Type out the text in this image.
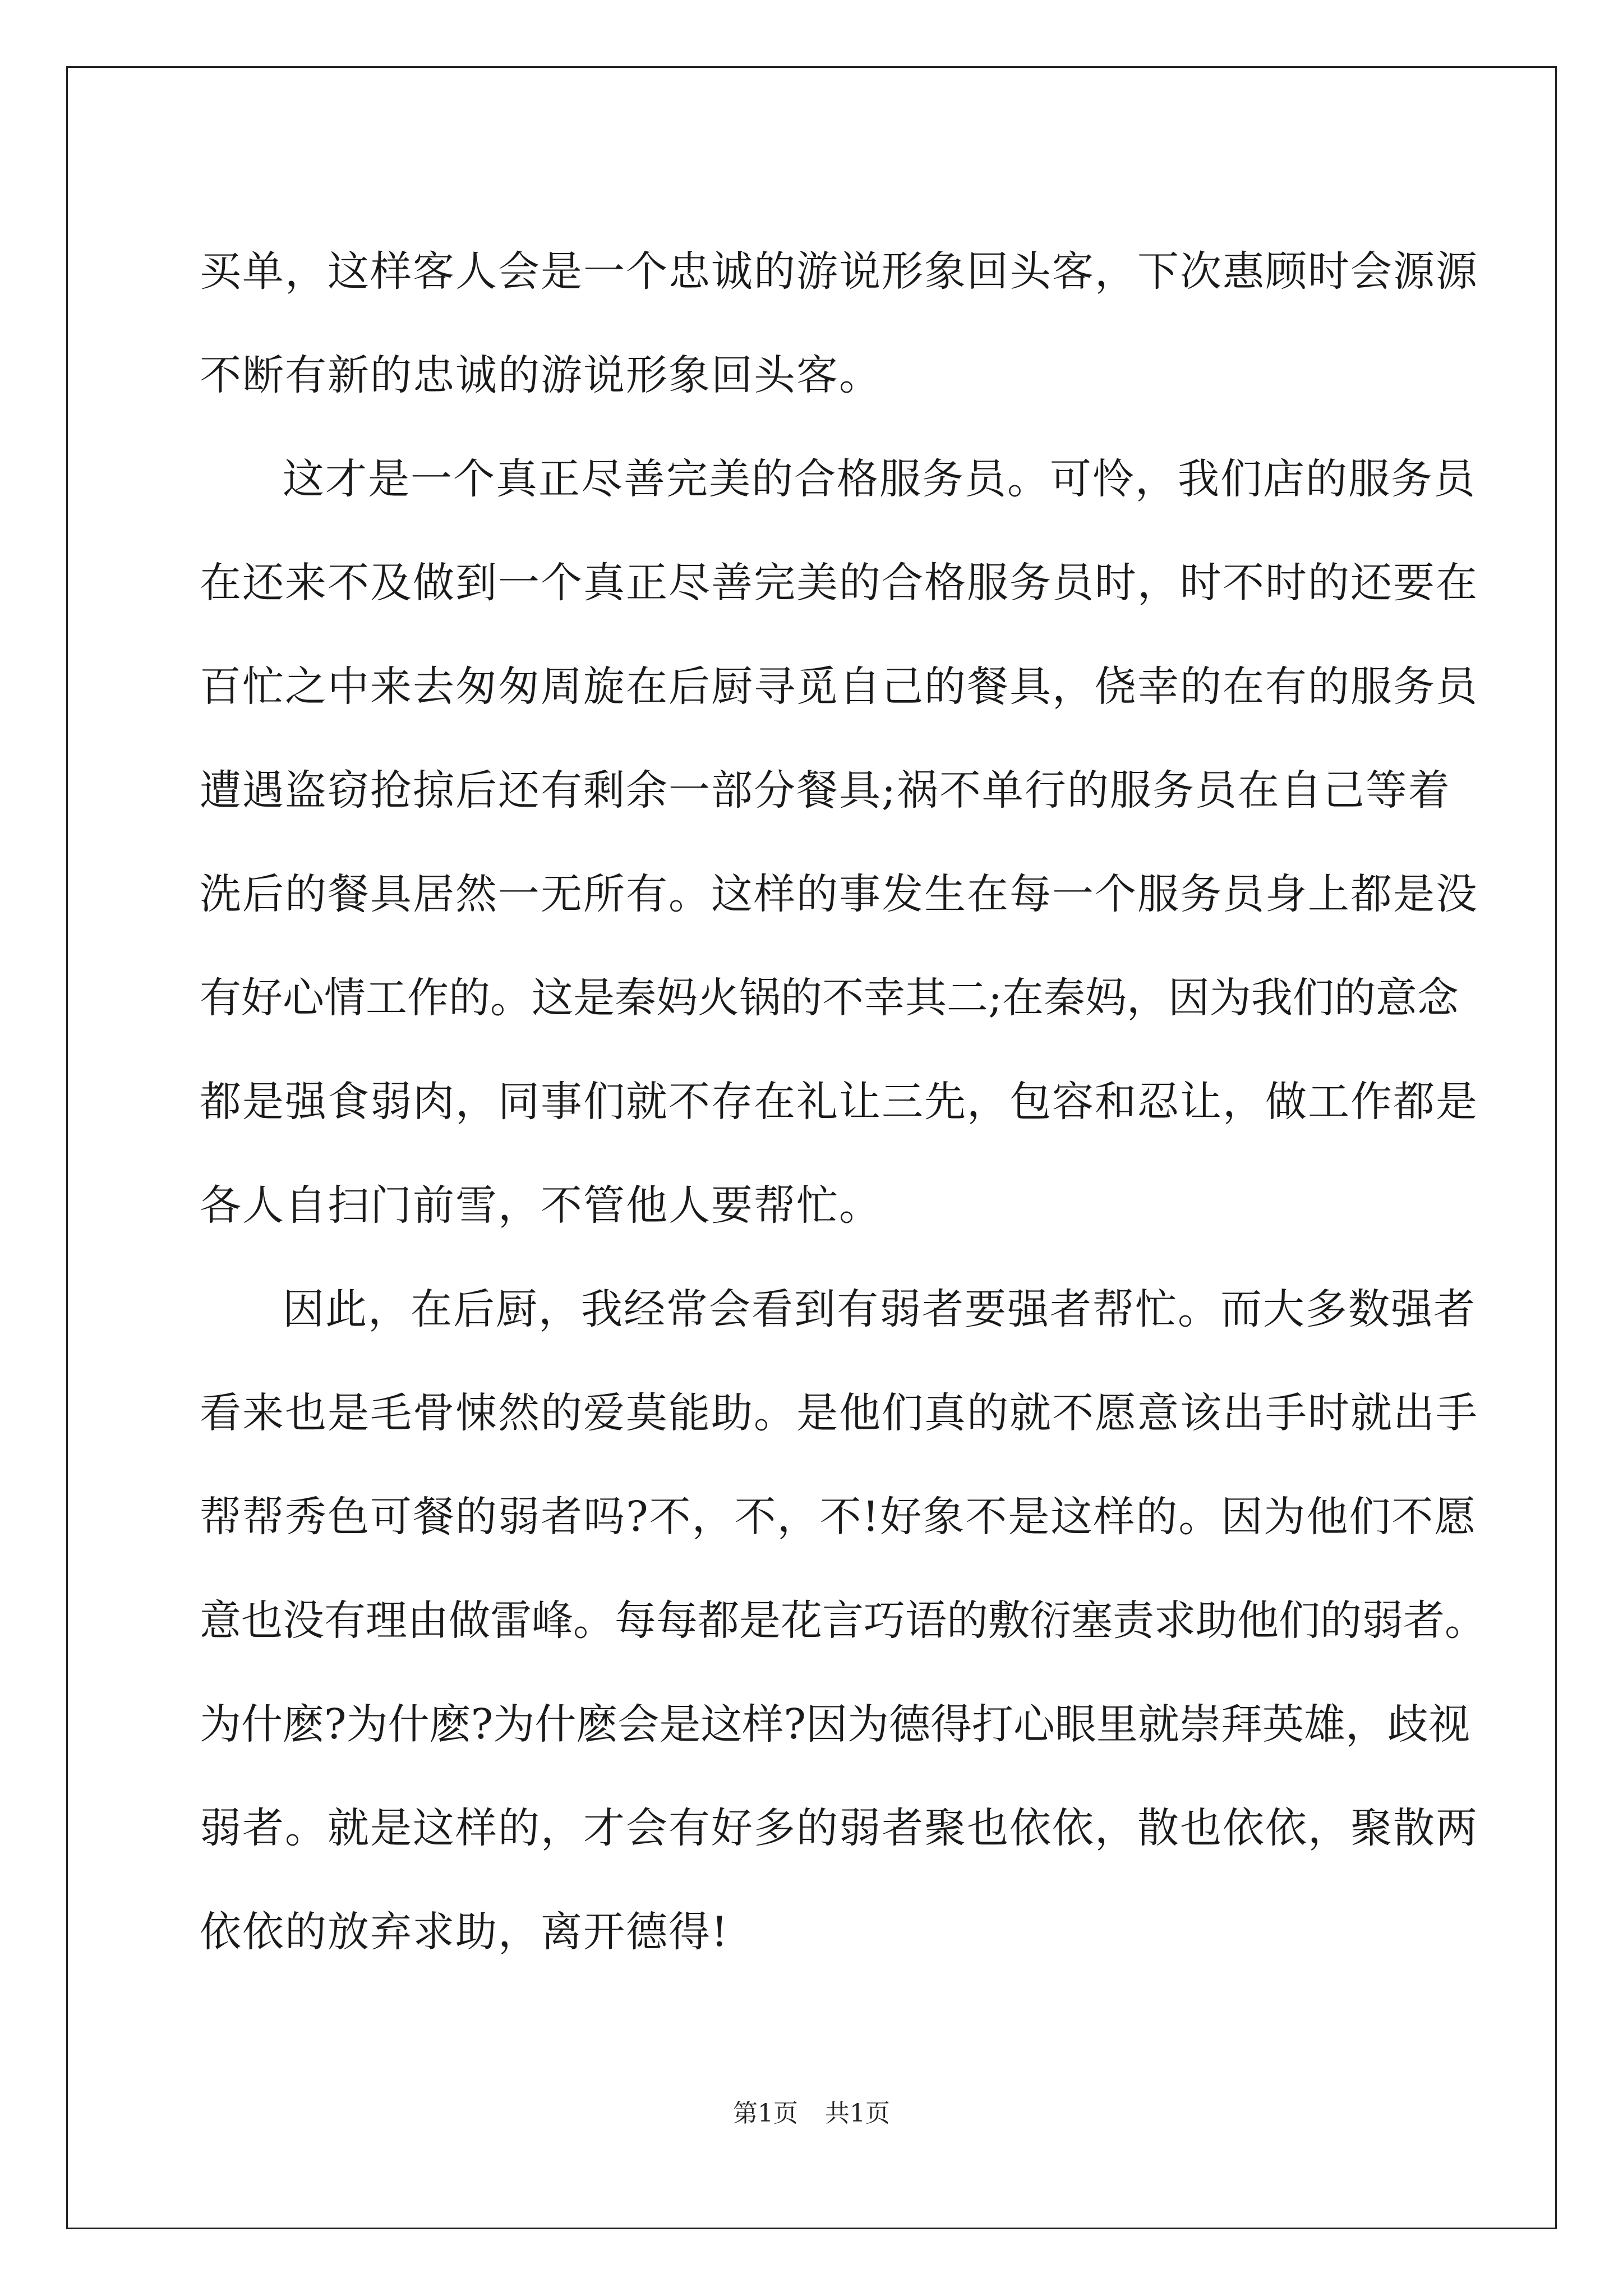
买单，这样客人会是一个忠诚的游说形象回头客，下次惠顾时会源源
不断有新的忠诚的游说形象回头客。
这才是一个真正尽善完美的合格服务员。可怜，我们店的服务员
在还来不及做到一个真正尽善完美的合格服务员时，时不时的还要在
百忙之中来去匆匆周旋在后厨寻觅自己的餐具，侥幸的在有的服务员
遭遇盗窃抢掠后还有剩余一部分餐具;祸不单行的服务员在自己等着
洗后的餐具居然一无所有。这样的事发生在每一个服务员身上都是没
有好心情工作的。这是秦妈火锅的不幸其二;在秦妈，因为我们的意念
都是强食弱肉，同事们就不存在礼让三先，包容和忍让，做工作都是
各人自扫门前雪，不管他人要帮忙。
因此，在后厨，我经常会看到有弱者要强者帮忙。而大多数强者
看来也是毛骨悚然的爱莫能助。是他们真的就不愿意该出手时就出手
帮帮秀色可餐的弱者吗?不，不，不!好象不是这样的。因为他们不愿
意也没有理由做雷峰。每每都是花言巧语的敷衍塞责求助他们的弱者。
为什麽?为什麽?为什麽会是这样?因为德得打心眼里就崇拜英雄，歧视
弱者。就是这样的，才会有好多的弱者聚也依依，散也依依，聚散两
依依的放弃求助，离开德得!
第1页 共1页
